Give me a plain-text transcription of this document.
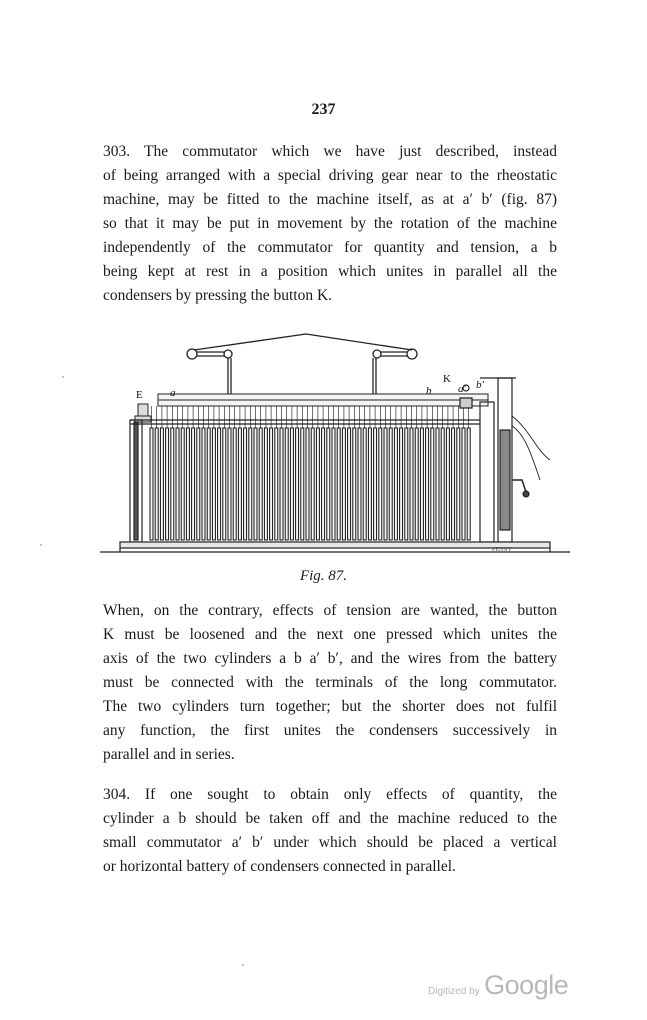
237
303. The commutator which we have just described, instead
of being arranged with a special driving gear near to the rheostatic
machine, may be fitted to the machine itself, as at a′ b′ (fig. 87)
so that it may be put in movement by the rotation of the machine
independently of the commutator for quantity and tension, a b
being kept at rest in a position which unites in parallel all the
condensers by pressing the button K.
E a	b
K
a′ b′
PENNY
Fig. 87.
When, on the contrary, effects of tension are wanted, the button
K must be loosened and the next one pressed which unites the
axis of the two cylinders a b a′ b′, and the wires from the battery
must be connected with the terminals of the long commutator.
The two cylinders turn together; but the shorter does not fulfil
any function, the first unites the condensers successively in
parallel and in series.
304. If one sought to obtain only effects of quantity, the
cylinder a b should be taken off and the machine reduced to the
small commutator a′ b′ under which should be placed a vertical
or horizontal battery of condensers connected in parallel.
Digitized by Google
